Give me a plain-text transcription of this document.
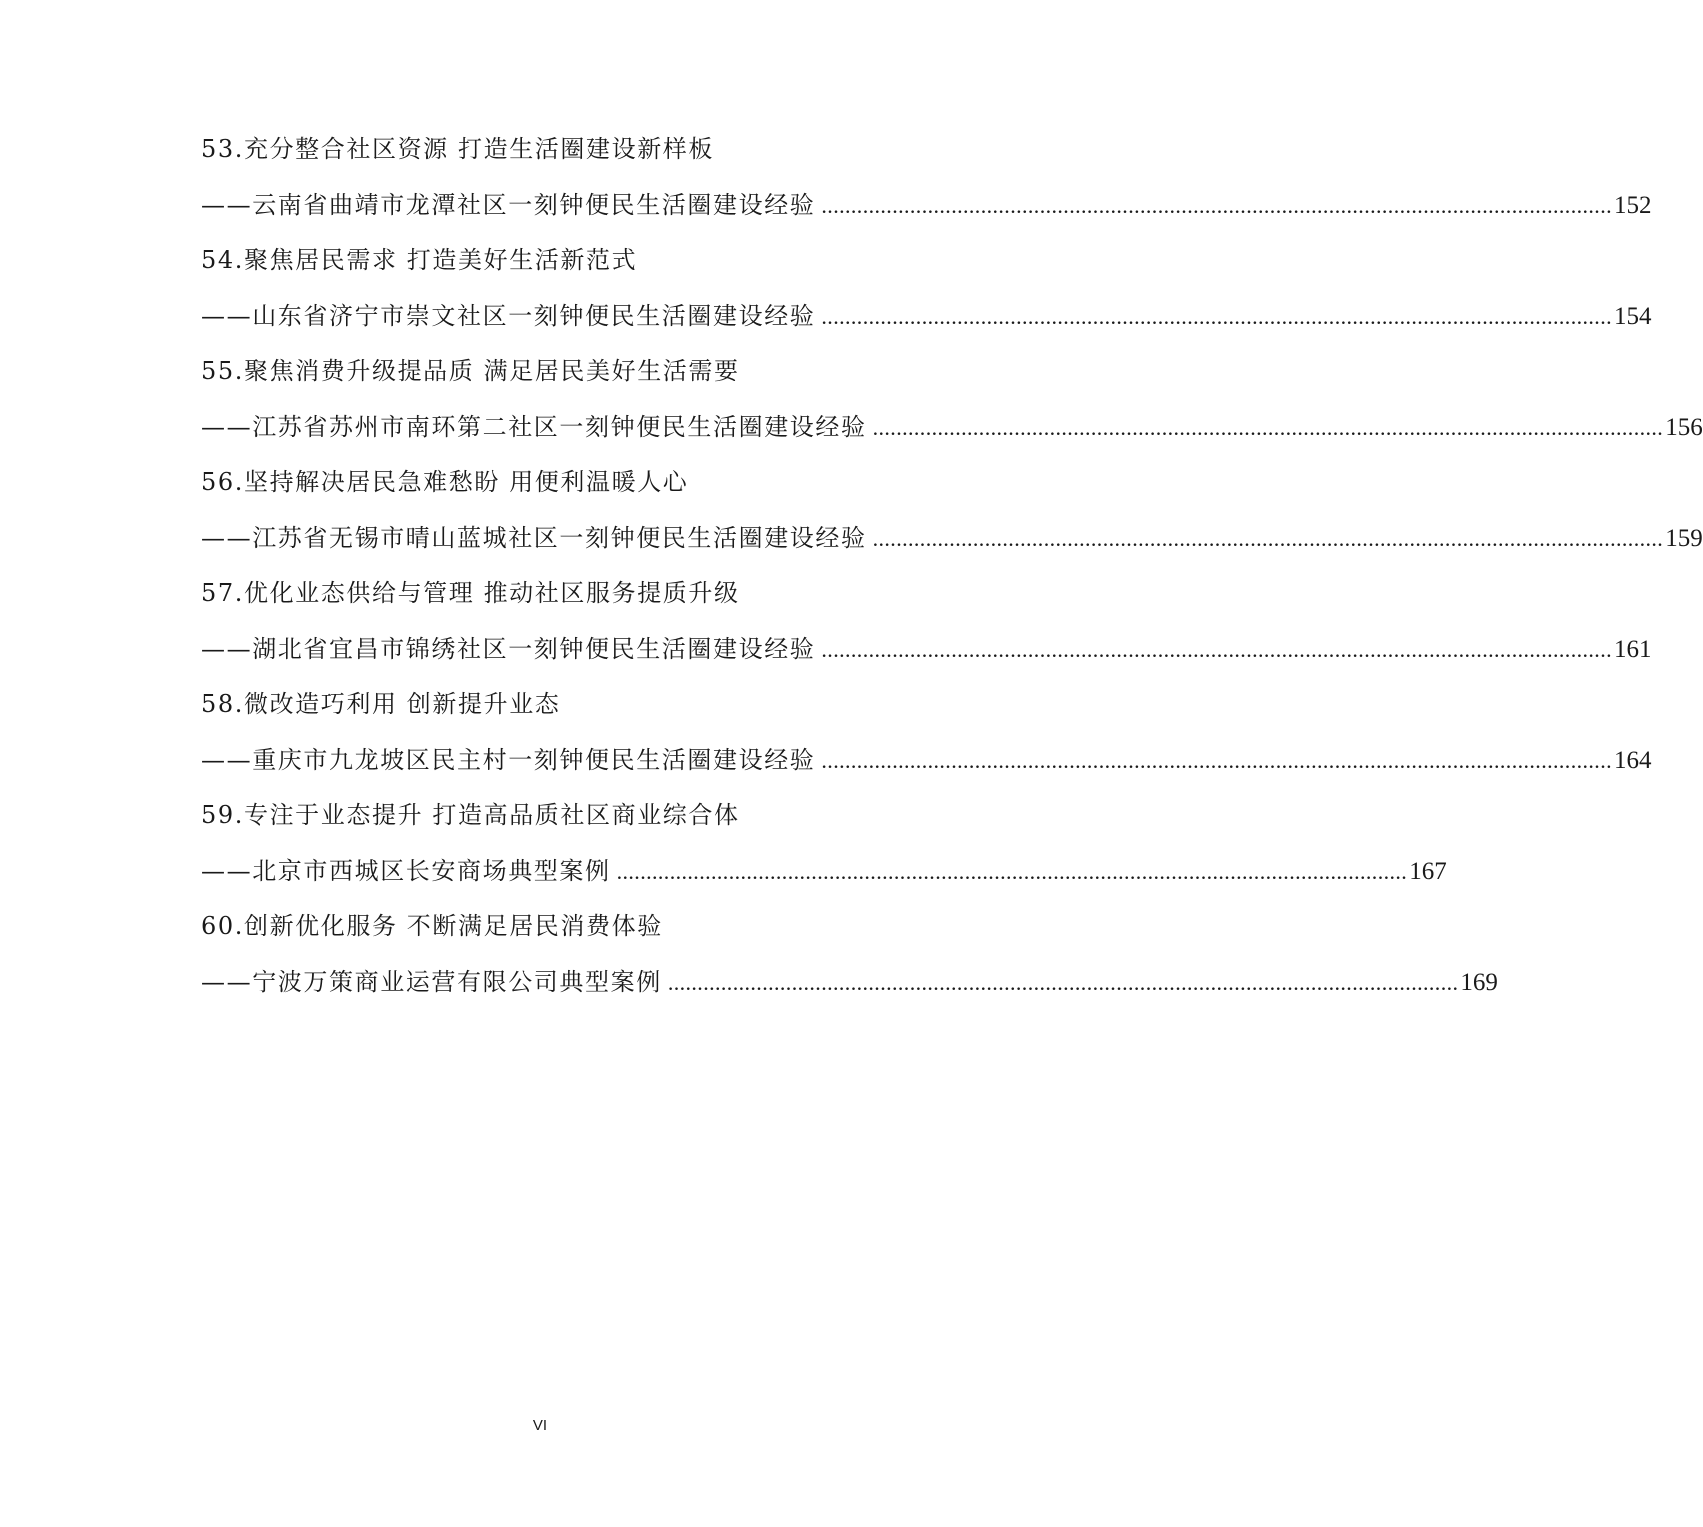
53.充分整合社区资源 打造生活圈建设新样板
——云南省曲靖市龙潭社区一刻钟便民生活圈建设经验 ...................................................................................................................................... 152
54.聚焦居民需求 打造美好生活新范式
——山东省济宁市崇文社区一刻钟便民生活圈建设经验 ...................................................................................................................................... 154
55.聚焦消费升级提品质 满足居民美好生活需要
——江苏省苏州市南环第二社区一刻钟便民生活圈建设经验 ...................................................................................................................................... 156
56.坚持解决居民急难愁盼 用便利温暖人心
——江苏省无锡市晴山蓝城社区一刻钟便民生活圈建设经验 ...................................................................................................................................... 159
57.优化业态供给与管理 推动社区服务提质升级
——湖北省宜昌市锦绣社区一刻钟便民生活圈建设经验 ...................................................................................................................................... 161
58.微改造巧利用 创新提升业态
——重庆市九龙坡区民主村一刻钟便民生活圈建设经验 ...................................................................................................................................... 164
59.专注于业态提升 打造高品质社区商业综合体
——北京市西城区长安商场典型案例 ...................................................................................................................................... 167
60.创新优化服务 不断满足居民消费体验
——宁波万策商业运营有限公司典型案例 ...................................................................................................................................... 169
VI
